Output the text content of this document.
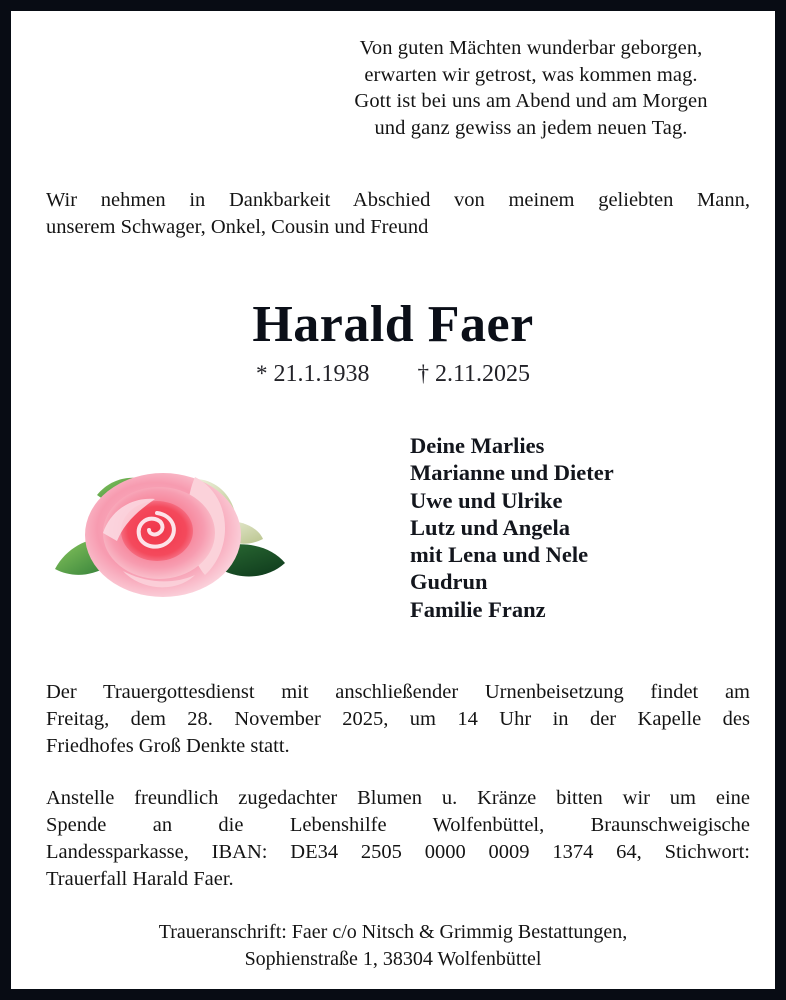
Von guten Mächten wunderbar geborgen,
erwarten wir getrost, was kommen mag.
Gott ist bei uns am Abend und am Morgen
und ganz gewiss an jedem neuen Tag.
Wir nehmen in Dankbarkeit Abschied von meinem geliebten Mann,
unserem Schwager, Onkel, Cousin und Freund
Harald Faer
* 21.1.1938 † 2.11.2025
Deine Marlies
Marianne und Dieter
Uwe und Ulrike
Lutz und Angela
mit Lena und Nele
Gudrun
Familie Franz
Der Trauergottesdienst mit anschließender Urnenbeisetzung findet am
Freitag, dem 28. November 2025, um 14 Uhr in der Kapelle des
Friedhofes Groß Denkte statt.
Anstelle freundlich zugedachter Blumen u. Kränze bitten wir um eine
Spende an die Lebenshilfe Wolfenbüttel, Braunschweigische
Landessparkasse, IBAN: DE34 2505 0000 0009 1374 64, Stichwort:
Trauerfall Harald Faer.
Traueranschrift: Faer c/o Nitsch & Grimmig Bestattungen,
Sophienstraße 1, 38304 Wolfenbüttel
